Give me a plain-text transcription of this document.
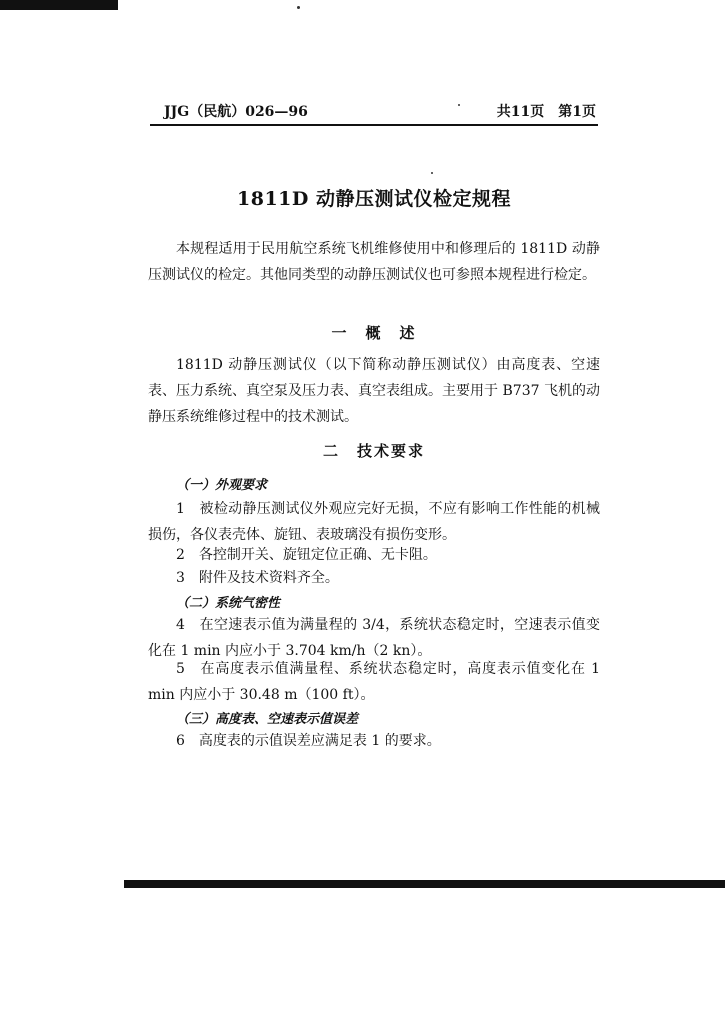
JJG（民航）026—96	共11页　第1页
1811D 动静压测试仪检定规程

本规程适用于民用航空系统飞机维修使用中和修理后的 1811D 动静压测试仪的检定。其他同类型的动静压测试仪也可参照本规程进行检定。

一　概　述

1811D 动静压测试仪（以下简称动静压测试仪）由高度表、空速表、压力系统、真空泵及压力表、真空表组成。主要用于 B737 飞机的动静压系统维修过程中的技术测试。

二　技术要求
（一）外观要求

1　被检动静压测试仪外观应完好无损，不应有影响工作性能的机械损伤，各仪表壳体、旋钮、表玻璃没有损伤变形。

2　各控制开关、旋钮定位正确、无卡阻。

3　附件及技术资料齐全。

（二）系统气密性

4　在空速表示值为满量程的 3/4，系统状态稳定时，空速表示值变化在 1 min 内应小于 3.704 km/h（2 kn）。

5　在高度表示值满量程、系统状态稳定时，高度表示值变化在 1 min 内应小于 30.48 m（100 ft）。

（三）高度表、空速表示值误差

6　高度表的示值误差应满足表 1 的要求。
